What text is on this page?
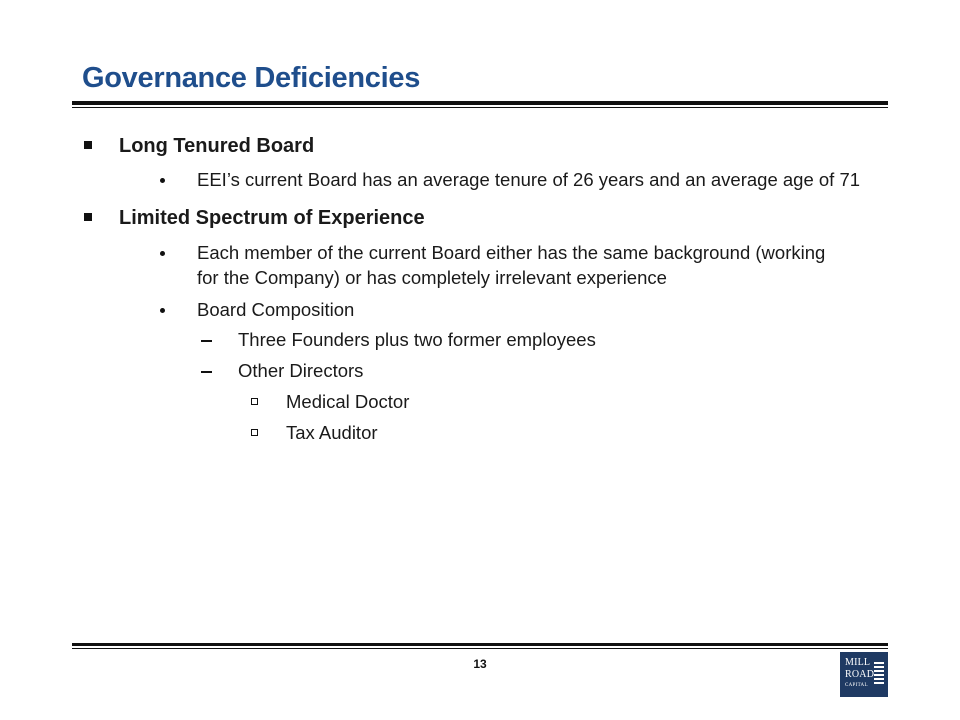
Governance Deficiencies
Long Tenured Board
EEI’s current Board has an average tenure of 26 years and an average age of 71
Limited Spectrum of Experience
Each member of the current Board either has the same background (working
for the Company) or has completely irrelevant experience
Board Composition
Three Founders plus two former employees
Other Directors
Medical Doctor
Tax Auditor
13	MILL
ROAD
CAPITAL
